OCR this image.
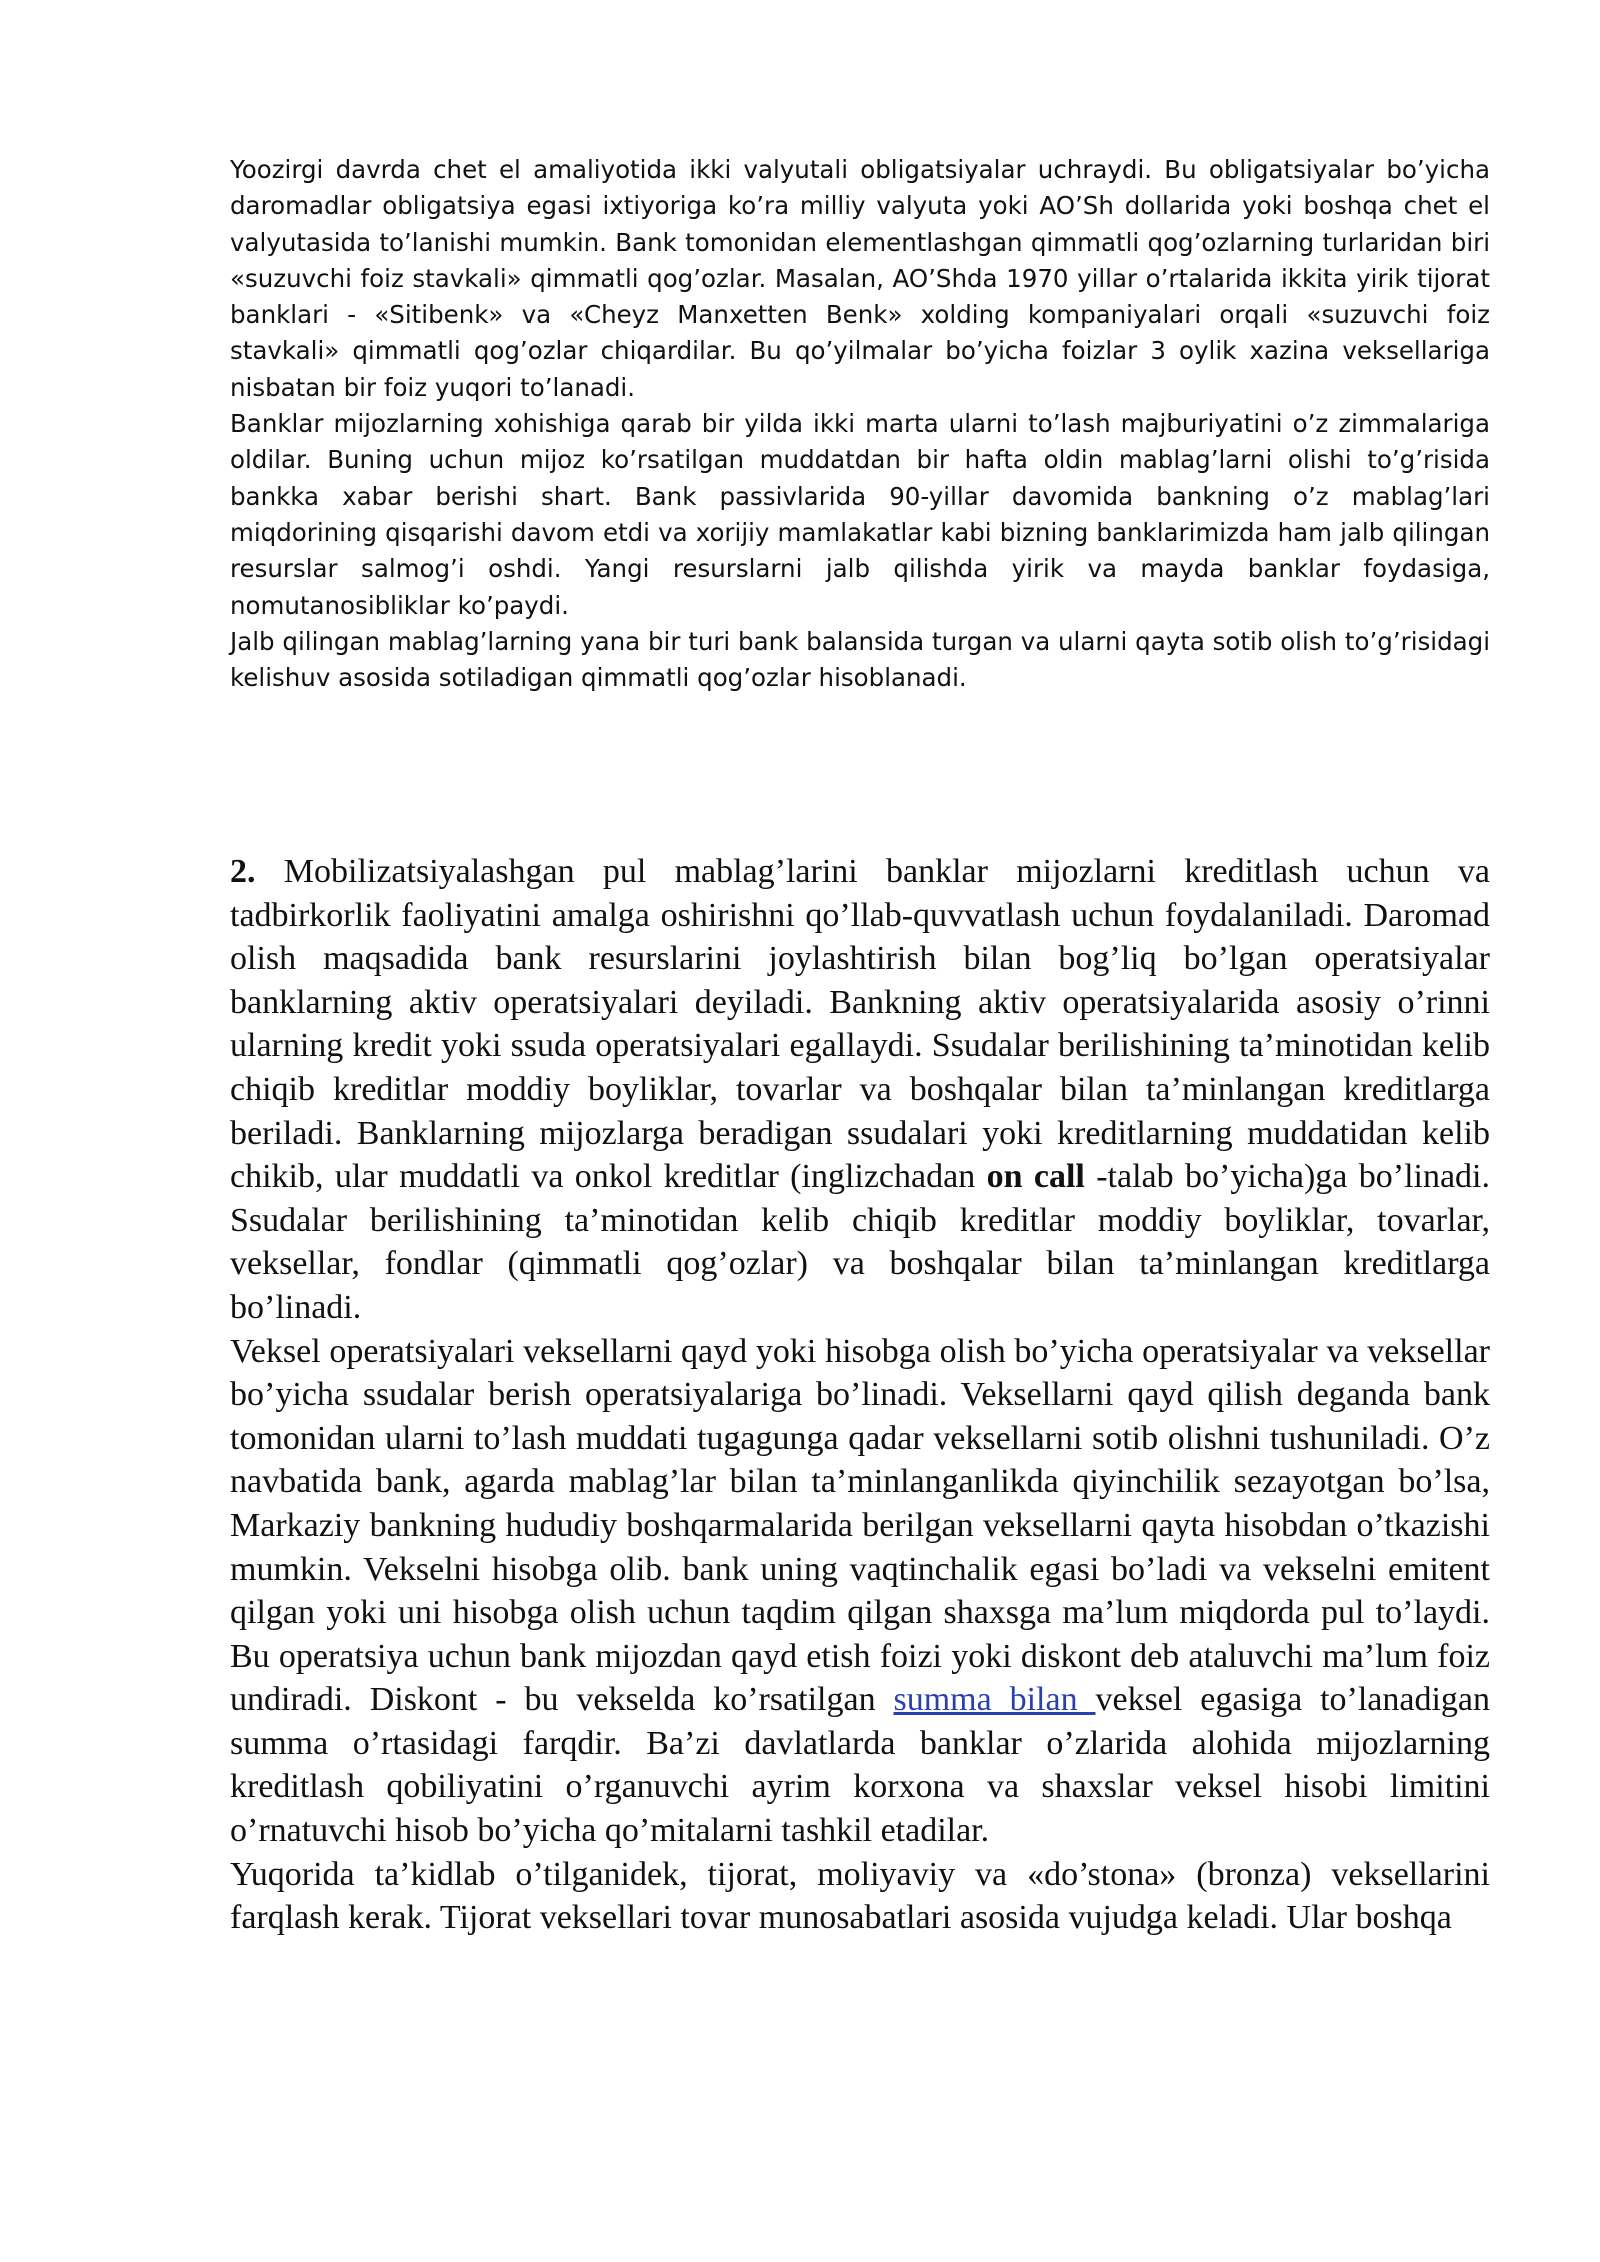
Yoozirgi davrda chet el amaliyotida ikki valyutali obligatsiyalar uchraydi. Bu obligatsiyalar bo’yicha daromadlar obligatsiya egasi ixtiyoriga ko’ra milliy valyuta yoki AO’Sh dollarida yoki boshqa chet el valyutasida to’lanishi mumkin. Bank tomonidan elementlashgan qimmatli qog’ozlarning turlaridan biri «suzuvchi foiz stavkali» qimmatli qog’ozlar. Masalan, AO’Shda 1970 yillar o’rtalarida ikkita yirik tijorat banklari - «Sitibenk» va «Cheyz Manxetten Benk» xolding kompaniyalari orqali «suzuvchi foiz stavkali» qimmatli qog’ozlar chiqardilar. Bu qo’yilmalar bo’yicha foizlar 3 oylik xazina veksellariga nisbatan bir foiz yuqori to’lanadi.

Banklar mijozlarning xohishiga qarab bir yilda ikki marta ularni to’lash majburiyatini o’z zimmalariga oldilar. Buning uchun mijoz ko’rsatilgan muddatdan bir hafta oldin mablag’larni olishi to’g’risida bankka xabar berishi shart. Bank passivlarida 90-yillar davomida bankning o’z mablag’lari miqdorining qisqarishi davom etdi va xorijiy mamlakatlar kabi bizning banklarimizda ham jalb qilingan resurslar salmog’i oshdi. Yangi resurslarni jalb qilishda yirik va mayda banklar foydasiga, nomutanosibliklar ko’paydi.

Jalb qilingan mablag’larning yana bir turi bank balansida turgan va ularni qayta sotib olish to’g’risidagi kelishuv asosida sotiladigan qimmatli qog’ozlar hisoblanadi.

2. Mobilizatsiyalashgan pul mablag’larini banklar mijozlarni kreditlash uchun va tadbirkorlik faoliyatini amalga oshirishni qo’llab-quvvatlash uchun foydalaniladi. Daromad olish maqsadida bank resurslarini joylashtirish bilan bog’liq bo’lgan operatsiyalar banklarning aktiv operatsiyalari deyiladi. Bankning aktiv operatsiyalarida asosiy o’rinni ularning kredit yoki ssuda operatsiyalari egallaydi. Ssudalar berilishining ta’minotidan kelib chiqib kreditlar moddiy boyliklar, tovarlar va boshqalar bilan ta’minlangan kreditlarga beriladi. Banklarning mijozlarga beradigan ssudalari yoki kreditlarning muddatidan kelib chikib, ular muddatli va onkol kreditlar (inglizchadan on call -talab bo’yicha)ga bo’linadi. Ssudalar berilishining ta’minotidan kelib chiqib kreditlar moddiy boyliklar, tovarlar, veksellar, fondlar (qimmatli qog’ozlar) va boshqalar bilan ta’minlangan kreditlarga bo’linadi.

Veksel operatsiyalari veksellarni qayd yoki hisobga olish bo’yicha operatsiyalar va veksellar bo’yicha ssudalar berish operatsiyalariga bo’linadi. Veksellarni qayd qilish deganda bank tomonidan ularni to’lash muddati tugagunga qadar veksellarni sotib olishni tushuniladi. O’z navbatida bank, agarda mablag’lar bilan ta’minlanganlikda qiyinchilik sezayotgan bo’lsa, Markaziy bankning hududiy boshqarmalarida berilgan veksellarni qayta hisobdan o’tkazishi mumkin. Vekselni hisobga olib. bank uning vaqtinchalik egasi bo’ladi va vekselni emitent qilgan yoki uni hisobga olish uchun taqdim qilgan shaxsga ma’lum miqdorda pul to’laydi. Bu operatsiya uchun bank mijozdan qayd etish foizi yoki diskont deb ataluvchi ma’lum foiz undiradi. Diskont - bu vekselda ko’rsatilgan summa bilan veksel egasiga to’lanadigan summa o’rtasidagi farqdir. Ba’zi davlatlarda banklar o’zlarida alohida mijozlarning kreditlash qobiliyatini o’rganuvchi ayrim korxona va shaxslar veksel hisobi limitini o’rnatuvchi hisob bo’yicha qo’mitalarni tashkil etadilar.

Yuqorida ta’kidlab o’tilganidek, tijorat, moliyaviy va «do’stona» (bronza) veksellarini farqlash kerak. Tijorat veksellari tovar munosabatlari asosida vujudga keladi. Ular boshqa
